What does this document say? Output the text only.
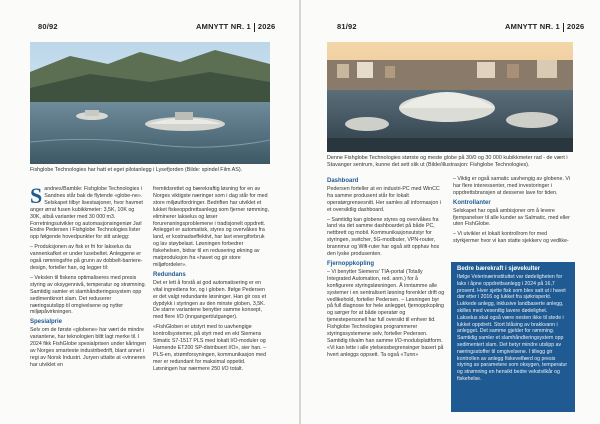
80/92	AMNYTT NR. 1 2026
Fishglobe Technologies har hatt et eget pilotanlegg i Lysefjorden (Bilde: spindel Film AS).

Sandnes/Bamble: Fishglobe Technologies i Sandnes står bak de flytende «globe-ne». Selskapet tilbyr lisestasjoner, hvor havmet anger ørrat fusen kubikkmeter: 3,5K, 10K og 30K, altså varianter med 30 000 m3. Forretningsutvikler og automasjonsingeniør Jarl Endre Pedersen i Fishglobe Technologies lister opp følgende hovedpunkter for sitt anlegg:

– Produksjonen av fisk er fri for lakselus da vannenkafket er under lusebeltet. Anleggene er også rømningsfrie på grunn av dobbelt-barriere-design, forteller han, og legger til:

– Vekslen til fiskens optimaliseres med presis styring av oksygennivå, temperatur og strømning. Samtidig samler et slamhåndteringssystem opp sedimentknort slam. Det reduserer næringsutslipp til omgivelsene og nytter miljøpåvirkningen.

Spesialprie

Selv om de første «globene» har vært de mindre variantene, har teknologien blitt lagt merke til. I 2024 fikk FishGlobe spesialprisen under kåringen av Norges smarteste industribedrift, blant annet i regi av Norsk Industri. Juryen uttalte at «vinneren har utviklet en

fremtidsrettet og bærekraftig løsning for en av Norges viktigste næringer som i dag står for med store miljøutfordringer. Bedriften har utviklet et lukket fiskeoppdrettsanlegg som fjerner rømming, eliminerer lakselus og løser forurensningsproblemene i tradisjonelt oppdrett. Anlegget er automatisk, styres og overvåkes fra land, er kostnadseffektivt, har lavt energiforbruk og lav støybelast. Løsningen forbedrer fiskehelsen, bidrar til en redusering økning av matproduksjon fra «havet og gir store miljøfordeler».

Redundans

Det er lett å forstå at god automatisering er en vital ingrediens for, og i globen. Ifølge Pedersen er det valgt redundante løsninger. Han gir oss et dypdykk i styringen av den minste globen, 3,5K. De starre variantene benytter samme konsept, med flere I/O (inngangert/utganger).

«FishGloben er utstyrt med to uavhengige kontrollsystemer, på styrt med en ekt Siemens Simatic S7-1517 PLS med lokalt I/O-moduler og Harnende ET200 SP-distribuert I/O», sier han. – PLS-en, strømforsyningen, kommunikasjon med mer er redundant for maksimal oppetid. Løsningen har nærmere 250 I/O totalt.

81/92	AMNYTT NR. 1 2026
Denne Fishglobe Technologies største og meste globe på 30/0 og 30 000 kubikkmeter rad - de vært i Stavanger sentrum, kunne det sett slik ut (Bilde/illustrasjon: Fishglobe Technologies).
Dashboard

Pedersen forteller at en industri-PC med WinCC fra samme produsent står for lokalt operatørgrensesnitt. Her samles all informasjon i et oversiktlig dashboard.

– Samtidig kan globene styres og overvåkes fra land via det samme dashboardet på både PC, nettbrett og mobil. Kommunikasjonsutstyr for styringen, switcher, 5G-modbuter, VPN-router, brannmur og Wifi-ruter har også sitt opphav hos den lyske produsenten.

Fjernoppkopling

– Vi benytter Siemens' TIA-portal (Totally Integrated Automation, red. anm.) for å konfigurere styringsløsningen. Å inntamme alle systemer i en sentralisert løsning forenkler drift og vedlikehold, forteller Pedersen. – Løsningen byr på full diagnose for hele anlegget, fjernoppkopling og sørger for at både operatør og tjenestepersonell har full oversikt til enhver tid. Fishglobe Technologies programmerer styringssystemene selv, forteller Pedersen. Samtidig tilvalm han samme I/O-modulsplattform. «Vi kan lette i alle ytelsessbegrensinger basert på hvert anleggs oppsett. Ta også «Tunn»

– Viktig er også samatic uavhengig av globene. Vi har flere interessenter, med investoringer i oppdrettsbransjen at desserve lave for tiden.

Kontrollanter

Selskapet har også ambisjoner om å levere fjernpanelser til alle kunder av Salmatic, med eller uten FishGlobe.

– Vi utvikler et lokalt kontrollrom for med styrkjermer hvor vi kan statte sjekkerv og vedlike-

Bedre bærekraft i sjøvekulter

Ifølge Veterinærinstituttet var dødeligheten for laks i åpne oppdrettsanlegg i 2024 på 16,7 prosent. Hver sjette fisk som blev satt ut i havet dør etter i 2016 og lukket fra sjøkrisperkt. Lukkede anlegg, inklusive landbaserte anlegg, skilles med vesentlig lavere dødelighet. Lakselus skal også være nesten ikke til stede i lukket oppdrett. Stort blåsing av brakkvann i anlegget. Det samme gjelder for rømming. Samtidig samler et slamhåndteringsystem opp sedimentert slam. Det betyr mindre utslipp av næringsstoffer til omgivelsene. I tillegg gir kontrollen av anlegg fiskevelfærd og presis styring av parametere som oksygen, temperatur og strømning en hensikt bedre vekstvilkår og fiskehelse.
